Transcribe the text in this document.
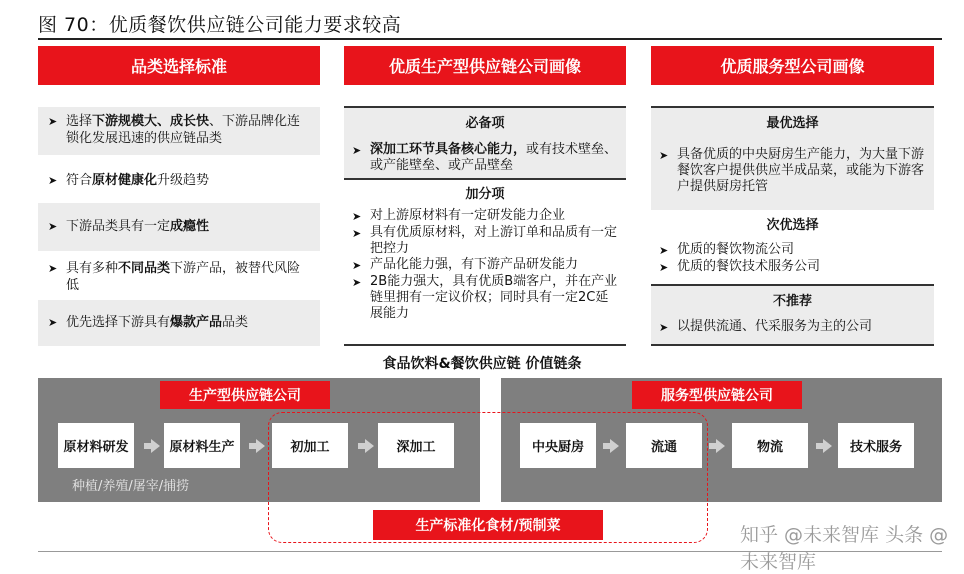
图 70：优质餐饮供应链公司能力要求较高
品类选择标准	优质生产型供应链公司画像	优质服务型公司画像
➤ 选择下游规模大、成长快、下游品牌化连锁化发展迅速的供应链品类
➤ 符合原材健康化升级趋势
➤ 下游品类具有一定成瘾性
➤ 具有多种不同品类下游产品，被替代风险低
➤ 优先选择下游具有爆款产品品类
必备项
➤ 深加工环节具备核心能力，或有技术壁垒、或产能壁垒、或产品壁垒
加分项
➤ 对上游原材料有一定研发能力企业
➤ 具有优质原材料，对上游订单和品质有一定把控力
➤ 产品化能力强，有下游产品研发能力
➤ 2B能力强大，具有优质B端客户，并在产业链里拥有一定议价权；同时具有一定2C延展能力
最优选择
➤ 具备优质的中央厨房生产能力，为大量下游餐饮客户提供供应半成品菜，或能为下游客户提供厨房托管
次优选择
➤ 优质的餐饮物流公司
➤ 优质的餐饮技术服务公司
不推荐
➤ 以提供流通、代采服务为主的公司
食品饮料&餐饮供应链 价值链条
生产型供应链公司	服务型供应链公司
原材料研发	原材料生产	初加工	深加工	中央厨房	流通	物流	技术服务
种植/养殖/屠宰/捕捞
生产标准化食材/预制菜	知乎 @未来智库 头条 @未来智库
